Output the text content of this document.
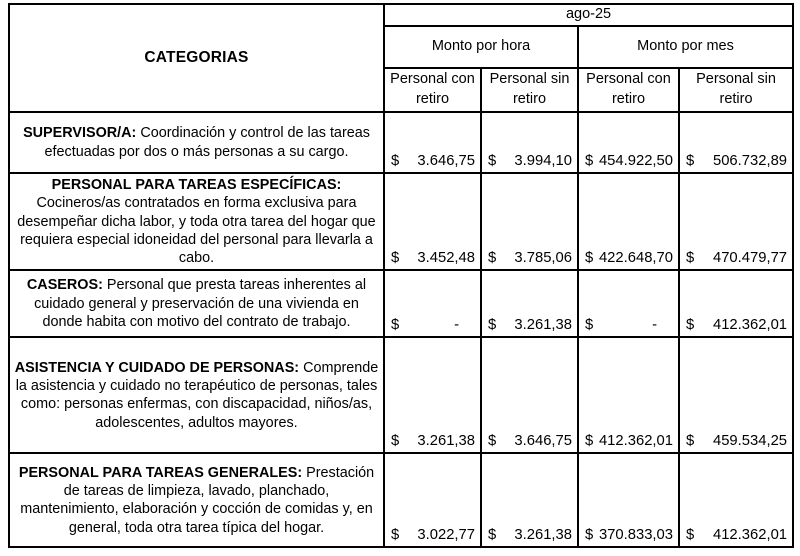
CATEGORIAS	ago-25			
	Monto por hora		Monto por mes	
	Personal con retiro	Personal sin retiro	Personal con retiro	Personal sin retiro
SUPERVISOR/A: Coordinación y control de las tareas efectuadas por dos o más personas a su cargo.	$ 3.646,75	$ 3.994,10	$ 454.922,50	$ 506.732,89

PERSONAL PARA TAREAS ESPECÍFICAS: Cocineros/as contratados en forma exclusiva para desempeñar dicha labor, y toda otra tarea del hogar que requiera especial idoneidad del personal para llevarla a cabo.	$ 3.452,48	$ 3.785,06	$ 422.648,70	$ 470.479,77

CASEROS: Personal que presta tareas inherentes al cuidado general y preservación de una vivienda en donde habita con motivo del contrato de trabajo.	$ -	$ 3.261,38	$ -	$ 412.362,01

ASISTENCIA Y CUIDADO DE PERSONAS: Comprende la asistencia y cuidado no terapéutico de personas, tales como: personas enfermas, con discapacidad, niños/as, adolescentes, adultos mayores.	$ 3.261,38	$ 3.646,75	$ 412.362,01	$ 459.534,25

PERSONAL PARA TAREAS GENERALES: Prestación de tareas de limpieza, lavado, planchado, mantenimiento, elaboración y cocción de comidas y, en general, toda otra tarea típica del hogar.	$ 3.022,77	$ 3.261,38	$ 370.833,03	$ 412.362,01
